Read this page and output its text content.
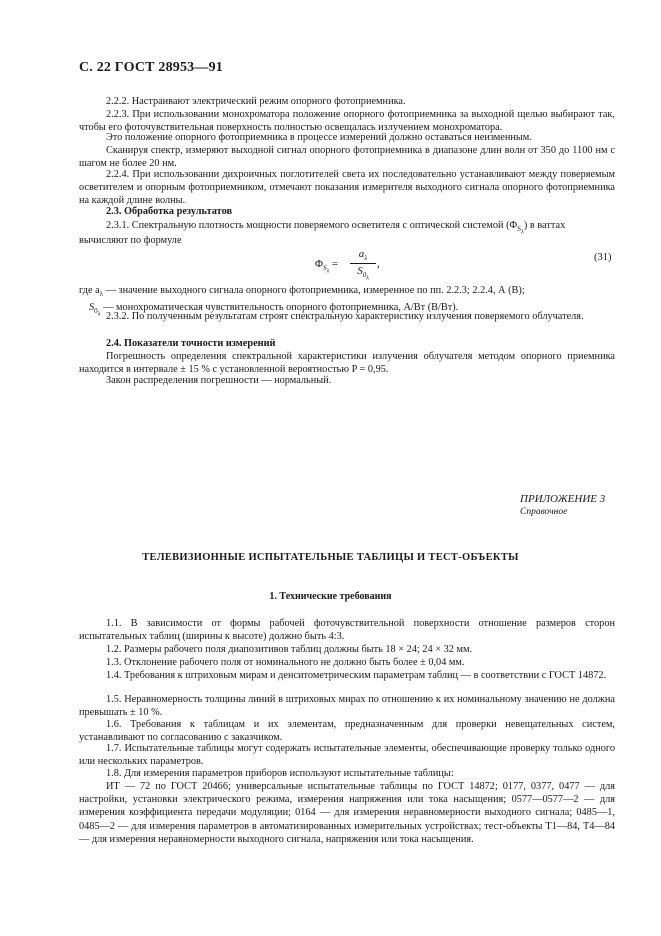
С. 22 ГОСТ 28953—91
2.2.2. Настраивают электрический режим опорного фотоприемника.
2.2.3. При использовании монохроматора положение опорного фотоприемника за выходной щелью выбирают так, чтобы его фоточувствительная поверхность полностью освещалась излучением монохроматора.
Это положение опорного фотоприемника в процессе измерений должно оставаться неизменным.
Сканируя спектр, измеряют выходной сигнал опорного фотоприемника в диапазоне длин волн от 350 до 1100 нм с шагом не более 20 нм.
2.2.4. При использовании дихроичных поглотителей света их последовательно устанавливают между поверяемым осветителем и опорным фотоприемником, отмечают показания измерителя выходного сигнала опорного фотоприемника на каждой длине волны.
2.3. Обработка результатов
2.3.1. Спектральную плотность мощности поверяемого осветителя с оптической системой $(\Phi_{S_\lambda})$ в ваттах
вычисляют по формуле
$\Phi_{S_\lambda} = \frac{a_\lambda}{S_{0_\lambda}}$ ,
(31)
где $a_\lambda$ — значение выходного сигнала опорного фотоприемника, измеренное по пп. 2.2.3; 2.2.4, А (В);
$S_{0_\lambda}$ — монохроматическая чувствительность опорного фотоприемника, А/Вт (В/Вт).
2.3.2. По полученным результатам строят спектральную характеристику излучения поверяемого облучателя.
2.4. Показатели точности измерений
Погрешность определения спектральной характеристики излучения облучателя методом опорного приемника находится в интервале ± 15 % с установленной вероятностью P = 0,95.
Закон распределения погрешности — нормальный.
ПРИЛОЖЕНИЕ 3
Справочное
ТЕЛЕВИЗИОННЫЕ ИСПЫТАТЕЛЬНЫЕ ТАБЛИЦЫ И ТЕСТ-ОБЪЕКТЫ
1. Технические требования
1.1. В зависимости от формы рабочей фоточувствительной поверхности отношение размеров сторон испытательных таблиц (ширины к высоте) должно быть 4:3.
1.2. Размеры рабочего поля диапозитивов таблиц должны быть 18 × 24; 24 × 32 мм.
1.3. Отклонение рабочего поля от номинального не должно быть более ± 0,04 мм.
1.4. Требования к штриховым мирам и денситометрическим параметрам таблиц — в соответствии с ГОСТ 14872.
1.5. Неравномерность толщины линий в штриховых мирах по отношению к их номинальному значению не должна превышать ± 10 %.
1.6. Требования к таблицам и их элементам, предназначенным для проверки невещательных систем, устанавливают по согласованию с заказчиком.
1.7. Испытательные таблицы могут содержать испытательные элементы, обеспечивающие проверку только одного или нескольких параметров.
1.8. Для измерения параметров приборов используют испытательные таблицы:
ИТ — 72 по ГОСТ 20466; универсальные испытательные таблицы по ГОСТ 14872; 0177, 0377, 0477 — для настройки, установки электрического режима, измерения напряжения или тока насыщения; 0577—0577—2 — для измерения коэффициента передачи модуляции; 0164 — для измерения неравномерности выходного сигнала; 0485—1, 0485—2 — для измерения параметров в автоматизированных измерительных устройствах; тест-объекты Т1—84, Т4—84 — для измерения неравномерности выходного сигнала, напряжения или тока насыщения.
